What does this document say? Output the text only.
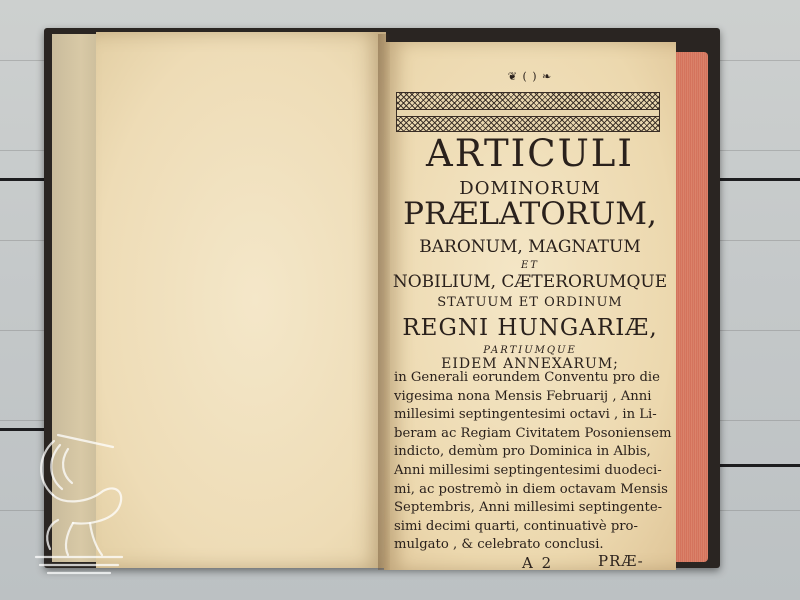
❦ ( ) ❧
ARTICULI
DOMINORUM
PRÆLATORUM,
BARONUM, MAGNATUM
ET
NOBILIUM, CÆTERORUMQUE
STATUUM ET ORDINUM
REGNI HUNGARIÆ,
PARTIUMQUE
EIDEM ANNEXARUM;
in Generali eorundem Conventu pro die
vigesima nona Mensis Februarij , Anni
millesimi septingentesimi octavi , in Li-
beram ac Regiam Civitatem Posoniensem
indicto, demùm pro Dominica in Albis,
Anni millesimi septingentesimi duodeci-
mi, ac postremò in diem octavam Mensis
Septembris, Anni millesimi septingente-
simi decimi quarti, continuativè pro-
mulgato , & celebrato conclusi.
A 2	PRÆ-
